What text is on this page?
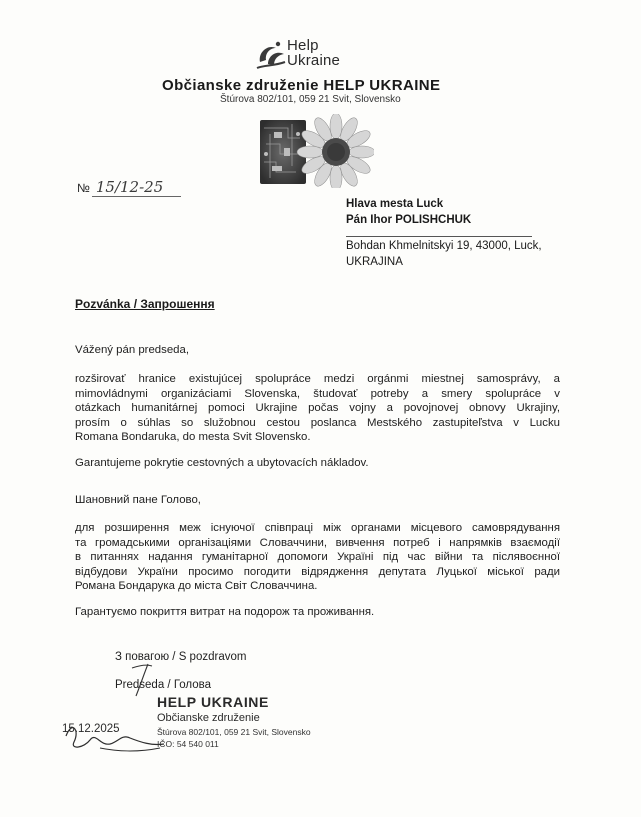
Help
Ukraine
Občianske združenie HELP UKRAINE
Štúrova 802/101, 059 21 Svit, Slovensko
№ 15/12-25
Hlava mesta Luck
Pán Ihor POLISHCHUK
Bohdan Khmelnitskyi 19, 43000, Luck,
UKRAJINA
Pozvánka / Запрошення
Vážený pán predseda,
rozširovať hranice existujúcej spolupráce medzi orgánmi miestnej samosprávy, a
mimovládnymi organizáciami Slovenska, študovať potreby a smery spolupráce v
otázkach humanitárnej pomoci Ukrajine počas vojny a povojnovej obnovy Ukrajiny,
prosím o súhlas so služobnou cestou poslanca Mestského zastupiteľstva v Lucku
Romana Bondaruka, do mesta Svit Slovensko.
Garantujeme pokrytie cestovných a ubytovacích nákladov.
Шановний пане Голово,
для розширення меж існуючої співпраці між органами місцевого самоврядування
та громадськими організаціями Словаччини, вивчення потреб і напрямків взаємодії
в питаннях надання гуманітарної допомоги Україні під час війни та післявоєнної
відбудови України просимо погодити відрядження депутата Луцької міської ради
Романа Бондарука до міста Світ Словаччина.
Гарантуємо покриття витрат на подорож та проживання.
З повагою / S pozdravom
Predseda / Голова
HELP UKRAINE
Občianske združenie
Štúrova 802/101, 059 21 Svit, Slovensko
IČO: 54 540 011
15.12.2025
